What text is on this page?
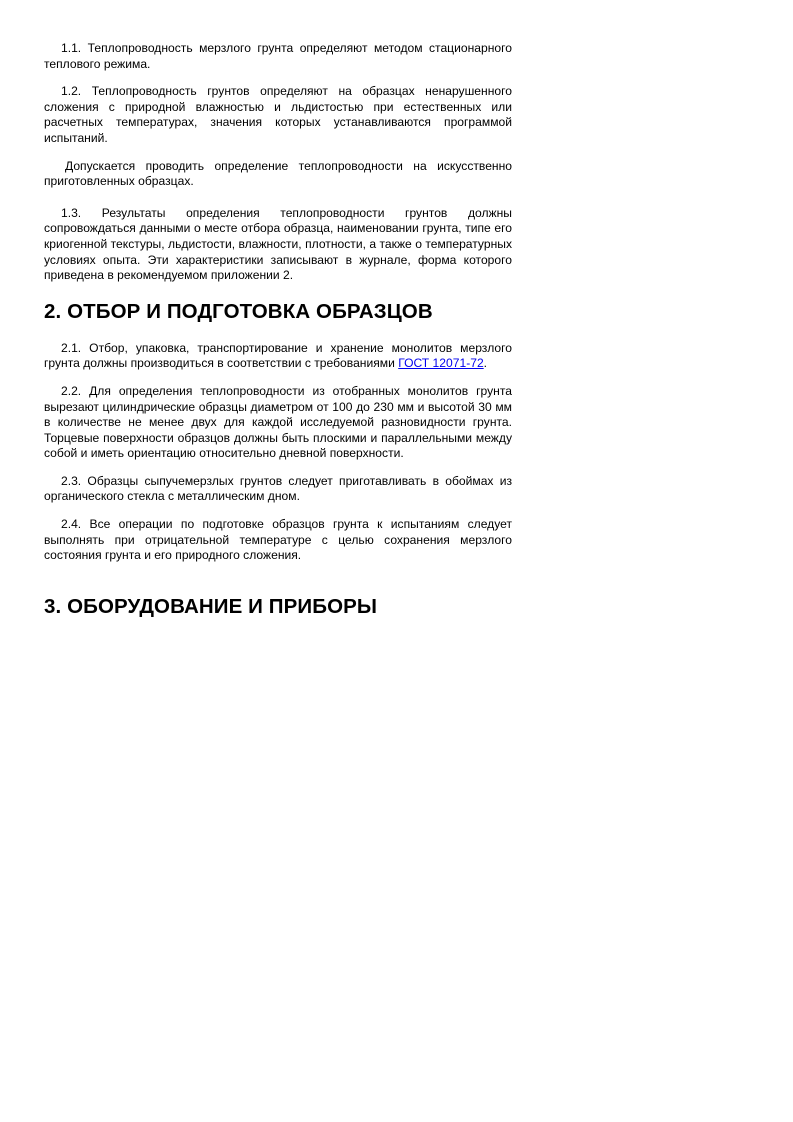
1.1. Теплопроводность мерзлого грунта определяют методом стационарного теплового режима.

1.2. Теплопроводность грунтов определяют на образцах ненарушенного сложения с природной влажностью и льдистостью при естественных или расчетных температурах, значения которых устанавливаются программой испытаний.

Допускается проводить определение теплопроводности на искусственно приготовленных образцах.

1.3. Результаты определения теплопроводности грунтов должны сопровождаться данными о месте отбора образца, наименовании грунта, типе его криогенной текстуры, льдистости, влажности, плотности, а также о температурных условиях опыта. Эти характеристики записывают в журнале, форма которого приведена в рекомендуемом приложении 2.

2. ОТБОР И ПОДГОТОВКА ОБРАЗЦОВ

2.1. Отбор, упаковка, транспортирование и хранение монолитов мерзлого грунта должны производиться в соответствии с требованиями ГОСТ 12071-72.

2.2. Для определения теплопроводности из отобранных монолитов грунта вырезают цилиндрические образцы диаметром от 100 до 230 мм и высотой 30 мм в количестве не менее двух для каждой исследуемой разновидности грунта. Торцевые поверхности образцов должны быть плоскими и параллельными между собой и иметь ориентацию относительно дневной поверхности.

2.3. Образцы сыпучемерзлых грунтов следует приготавливать в обоймах из органического стекла с металлическим дном.

2.4. Все операции по подготовке образцов грунта к испытаниям следует выполнять при отрицательной температуре с целью сохранения мерзлого состояния грунта и его природного сложения.

3. ОБОРУДОВАНИЕ И ПРИБОРЫ
